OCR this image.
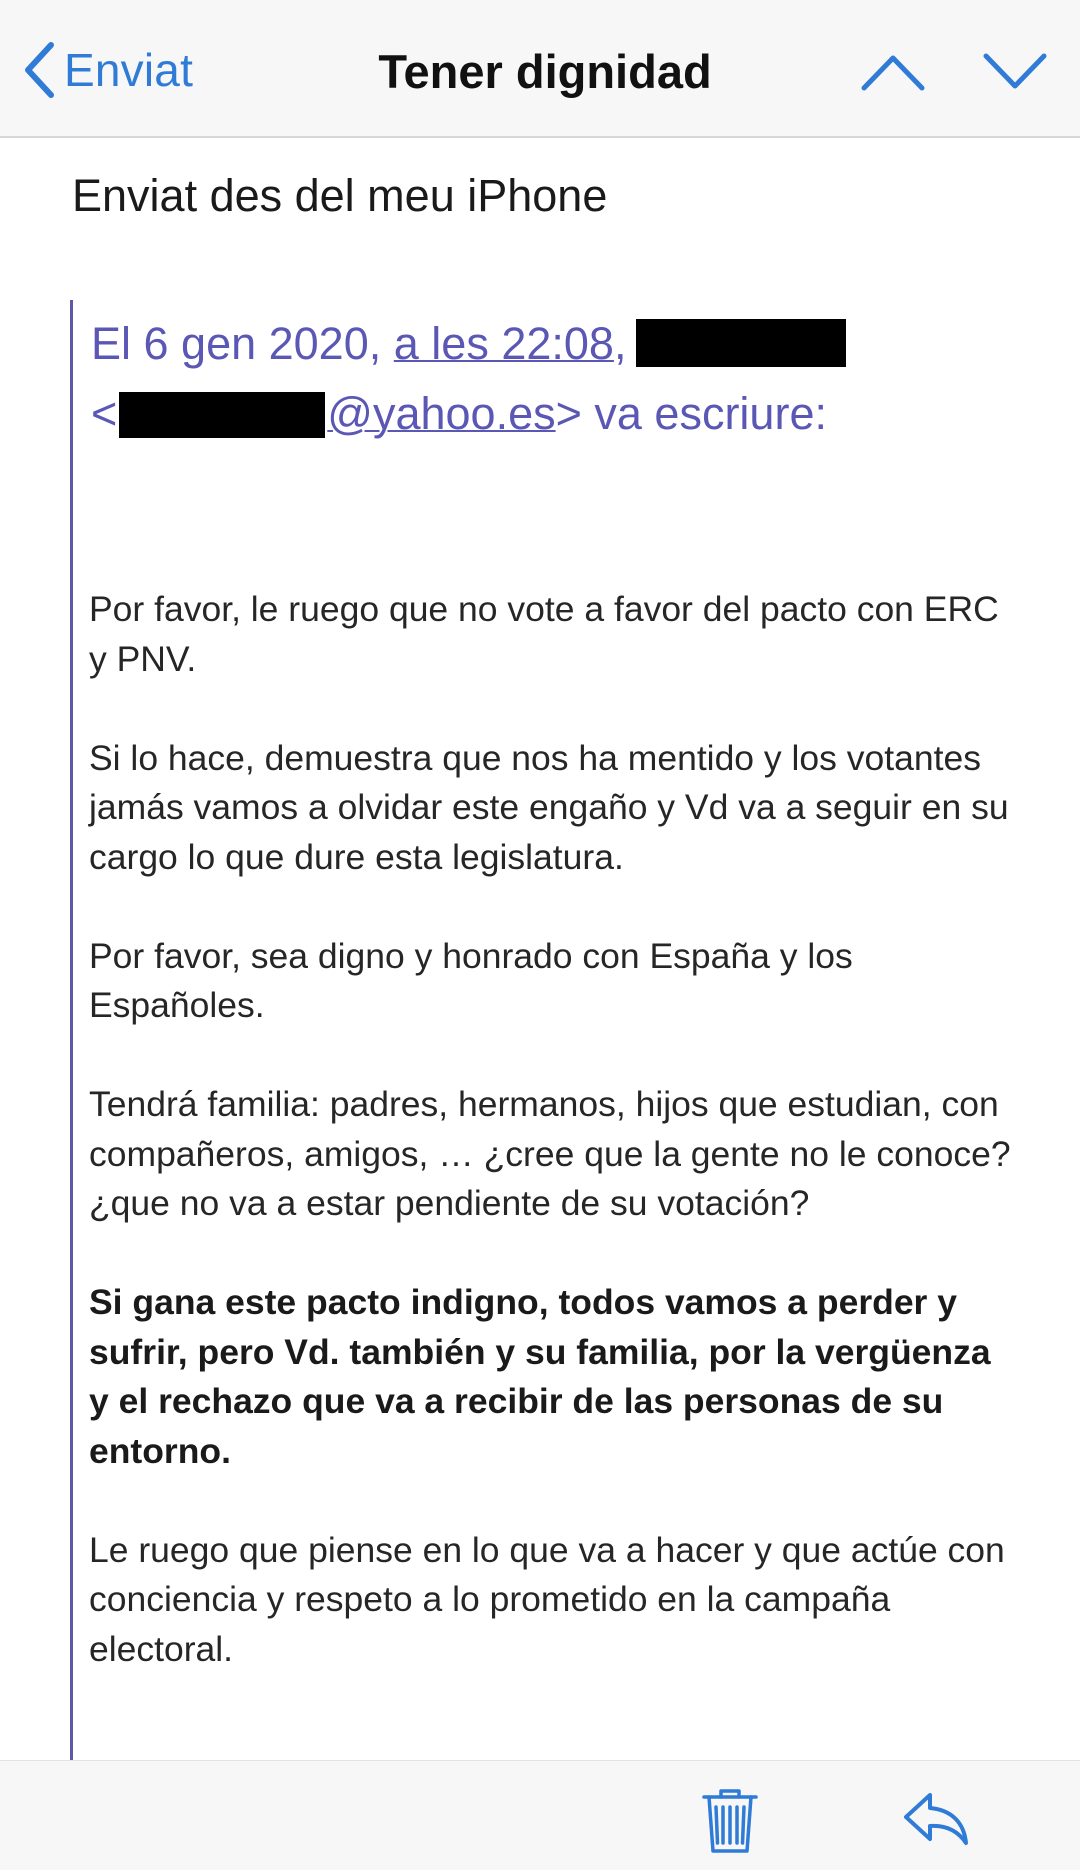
Enviat	Tener dignidad
Enviat des del meu iPhone
El 6 gen 2020, a les 22:08,
<	@yahoo.es> va escriure:

Por favor, le ruego que no vote a favor del pacto con ERC y PNV.

Si lo hace, demuestra que nos ha mentido y los votantes jamás vamos a olvidar este engaño y Vd va a seguir en su cargo lo que dure esta legislatura.

Por favor, sea digno y honrado con España y los Españoles.

Tendrá familia: padres, hermanos, hijos que estudian, con compañeros, amigos, … ¿cree que la gente no le conoce? ¿que no va a estar pendiente de su votación?

Si gana este pacto indigno, todos vamos a perder y sufrir, pero Vd. también y su familia, por la vergüenza y el rechazo que va a recibir de las personas de su entorno.

Le ruego que piense en lo que va a hacer y que actúe con conciencia y respeto a lo prometido en la campaña electoral.
